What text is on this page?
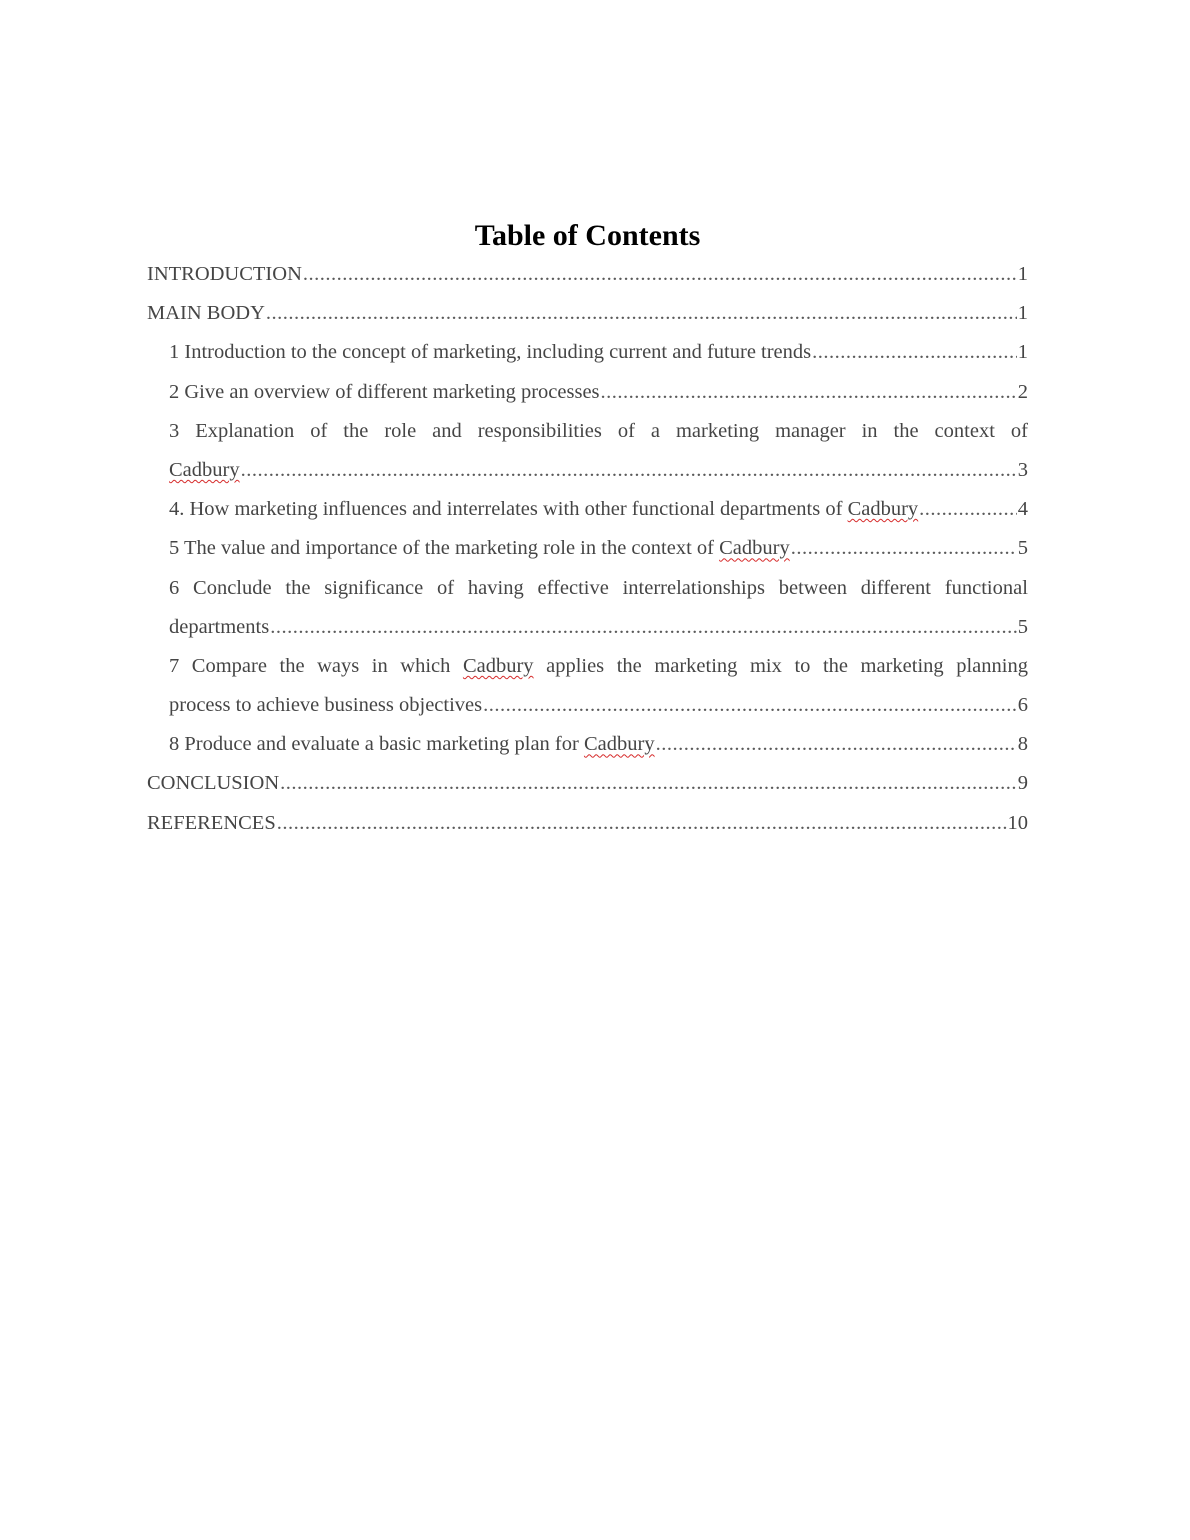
Table of Contents
INTRODUCTION .....	1
MAIN BODY .....	1
1 Introduction to the concept of marketing, including current and future trends .....	1
2 Give an overview of different marketing processes .....	2
3 Explanation of the role and responsibilities of a marketing manager in the context of
Cadbury .....	3
4. How marketing influences and interrelates with other functional departments of Cadbury .....	4
5 The value and importance of the marketing role in the context of Cadbury .....	5
6 Conclude the significance of having effective interrelationships between different functional
departments .....	5
7 Compare the ways in which Cadbury applies the marketing mix to the marketing planning
process to achieve business objectives .....	6
8 Produce and evaluate a basic marketing plan for Cadbury .....	8
CONCLUSION .....	9
REFERENCES .....	10
